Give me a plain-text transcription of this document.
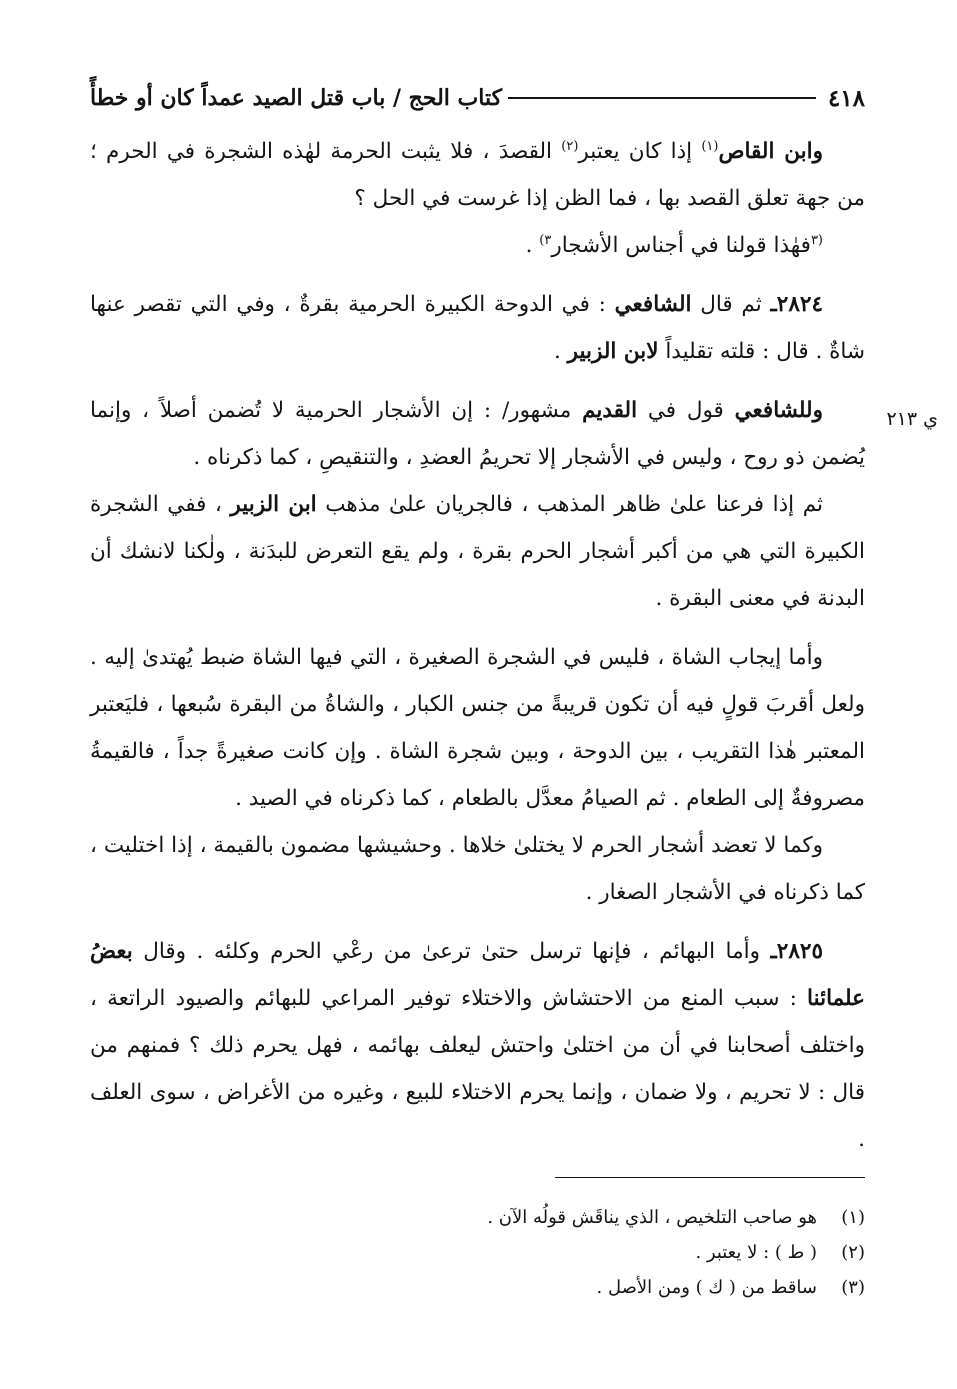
٤١٨
كتاب الحج / باب قتل الصيد عمداً كان أو خطأً
ي ٢١٣

وابن القاص$^{(١)}$ إذا كان يعتبر$^{(٢)}$ القصدَ ، فلا يثبت الحرمة لهٰذه الشجرة في الحرم ؛ من جهة تعلق القصد بها ، فما الظن إذا غرست في الحل ؟

$^{(٣}$فهٰذا قولنا في أجناس الأشجار$^{٣)}$ .

٢٨٢٤ـ ثم قال الشافعي : في الدوحة الكبيرة الحرمية بقرةٌ ، وفي التي تقصر عنها شاةٌ . قال : قلته تقليداً لابن الزبير .

وللشافعي قول في القديم مشهور/ : إن الأشجار الحرمية لا تُضمن أصلاً ، وإنما يُضمن ذو روح ، وليس في الأشجار إلا تحريمُ العضدِ ، والتنقيصِ ، كما ذكرناه .

ثم إذا فرعنا علىٰ ظاهر المذهب ، فالجريان علىٰ مذهب ابن الزبير ، ففي الشجرة الكبيرة التي هي من أكبر أشجار الحرم بقرة ، ولم يقع التعرض للبدَنة ، ولٰكنا لانشك أن البدنة في معنى البقرة .

وأما إيجاب الشاة ، فليس في الشجرة الصغيرة ، التي فيها الشاة ضبط يُهتدىٰ إليه . ولعل أقربَ قولٍ فيه أن تكون قريبةً من جنس الكبار ، والشاةُ من البقرة سُبعها ، فليَعتبر المعتبر هٰذا التقريب ، بين الدوحة ، وبين شجرة الشاة . وإن كانت صغيرةً جداً ، فالقيمةُ مصروفةٌ إلى الطعام . ثم الصيامُ معدَّل بالطعام ، كما ذكرناه في الصيد .

وكما لا تعضد أشجار الحرم لا يختلىٰ خلاها . وحشيشها مضمون بالقيمة ، إذا اختليت ، كما ذكرناه في الأشجار الصغار .

٢٨٢٥ـ وأما البهائم ، فإنها ترسل حتىٰ ترعىٰ من رعْي الحرم وكلئه . وقال بعضُ علمائنا : سبب المنع من الاحتشاش والاختلاء توفير المراعي للبهائم والصيود الراتعة ، واختلف أصحابنا في أن من اختلىٰ واحتش ليعلف بهائمه ، فهل يحرم ذلك ؟ فمنهم من قال : لا تحريم ، ولا ضمان ، وإنما يحرم الاختلاء للبيع ، وغيره من الأغراض ، سوى العلف .

(١)
هو صاحب التلخيص ، الذي يناقَش قولُه الآن .
(٢)
( ط ) : لا يعتبر .
(٣)
ساقط من ( ك ) ومن الأصل .
